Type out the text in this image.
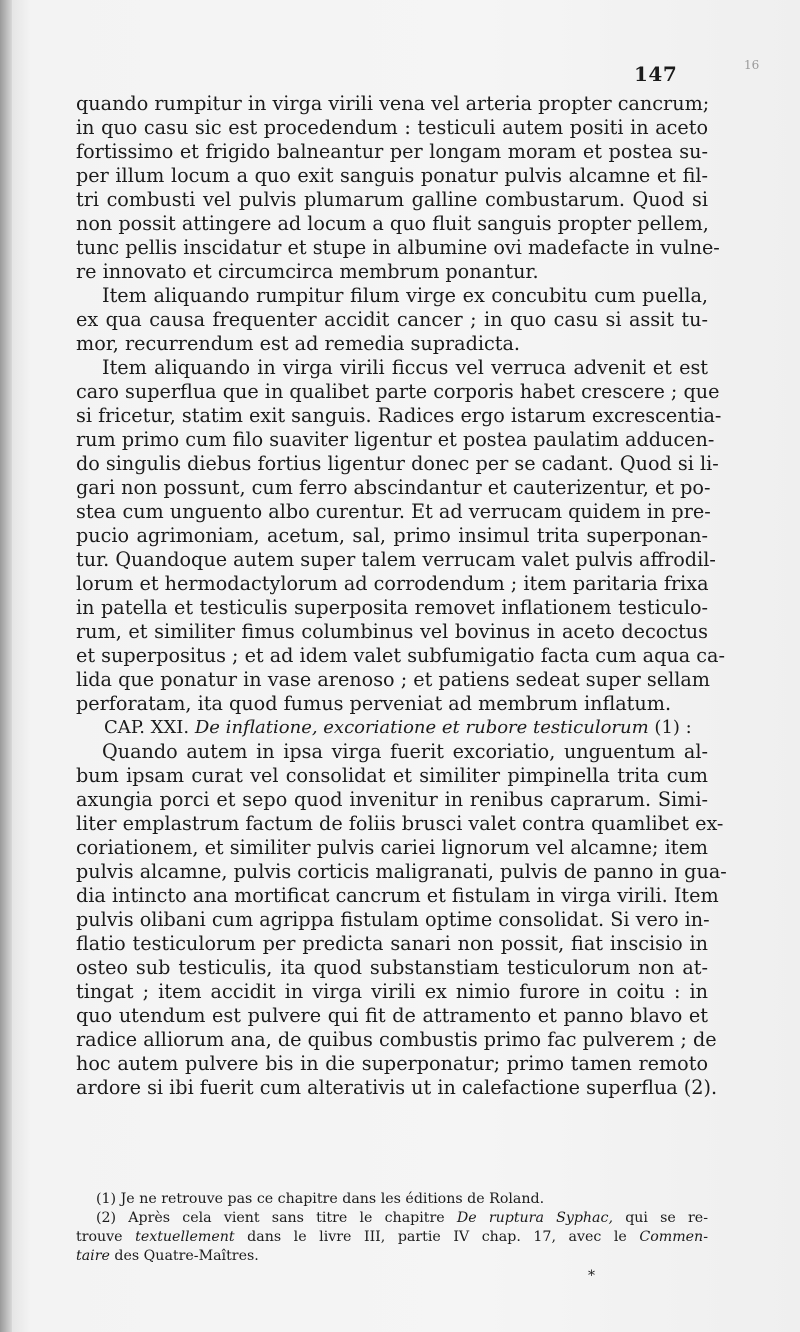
147	16
quando rumpitur in virga virili vena vel arteria propter cancrum;
in quo casu sic est procedendum : testiculi autem positi in aceto
fortissimo et frigido balneantur per longam moram et postea su-
per illum locum a quo exit sanguis ponatur pulvis alcamne et fil-
tri combusti vel pulvis plumarum galline combustarum. Quod si
non possit attingere ad locum a quo fluit sanguis propter pellem,
tunc pellis inscidatur et stupe in albumine ovi madefacte in vulne-
re innovato et circumcirca membrum ponantur.
Item aliquando rumpitur filum virge ex concubitu cum puella,
ex qua causa frequenter accidit cancer ; in quo casu si assit tu-
mor, recurrendum est ad remedia supradicta.
Item aliquando in virga virili ficcus vel verruca advenit et est
caro superflua que in qualibet parte corporis habet crescere ; que
si fricetur, statim exit sanguis. Radices ergo istarum excrescentia-
rum primo cum filo suaviter ligentur et postea paulatim adducen-
do singulis diebus fortius ligentur donec per se cadant. Quod si li-
gari non possunt, cum ferro abscindantur et cauterizentur, et po-
stea cum unguento albo curentur. Et ad verrucam quidem in pre-
pucio agrimoniam, acetum, sal, primo insimul trita superponan-
tur. Quandoque autem super talem verrucam valet pulvis affrodil-
lorum et hermodactylorum ad corrodendum ; item paritaria frixa
in patella et testiculis superposita removet inflationem testiculo-
rum, et similiter fimus columbinus vel bovinus in aceto decoctus
et superpositus ; et ad idem valet subfumigatio facta cum aqua ca-
lida que ponatur in vase arenoso ; et patiens sedeat super sellam
perforatam, ita quod fumus perveniat ad membrum inflatum.
CAP. XXI. De inflatione, excoriatione et rubore testiculorum (1) :
Quando autem in ipsa virga fuerit excoriatio, unguentum al-
bum ipsam curat vel consolidat et similiter pimpinella trita cum
axungia porci et sepo quod invenitur in renibus caprarum. Simi-
liter emplastrum factum de foliis brusci valet contra quamlibet ex-
coriationem, et similiter pulvis cariei lignorum vel alcamne; item
pulvis alcamne, pulvis corticis maligranati, pulvis de panno in gua-
dia intincto ana mortificat cancrum et fistulam in virga virili. Item
pulvis olibani cum agrippa fistulam optime consolidat. Si vero in-
flatio testiculorum per predicta sanari non possit, fiat inscisio in
osteo sub testiculis, ita quod substanstiam testiculorum non at-
tingat ; item accidit in virga virili ex nimio furore in coitu : in
quo utendum est pulvere qui fit de attramento et panno blavo et
radice alliorum ana, de quibus combustis primo fac pulverem ; de
hoc autem pulvere bis in die superponatur; primo tamen remoto
ardore si ibi fuerit cum alterativis ut in calefactione superflua (2).
(1) Je ne retrouve pas ce chapitre dans les éditions de Roland.
(2) Après cela vient sans titre le chapitre De ruptura Syphac, qui se re-
trouve textuellement dans le livre III, partie IV chap. 17, avec le Commen-
taire des Quatre-Maîtres.
*
